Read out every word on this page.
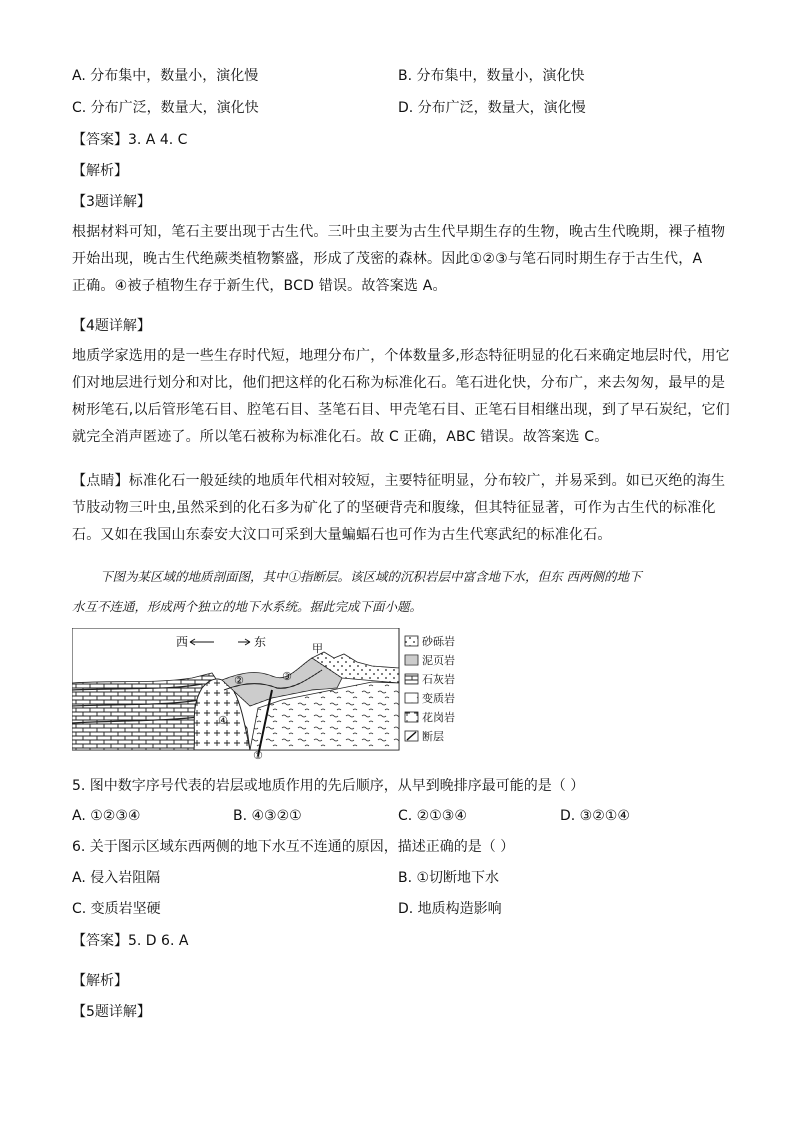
A. 分布集中，数量小，演化慢	B. 分布集中，数量小，演化快
C. 分布广泛，数量大，演化快	D. 分布广泛，数量大，演化慢
【答案】3. A 4. C
【解析】
【3题详解】
根据材料可知，笔石主要出现于古生代。三叶虫主要为古生代早期生存的生物，晚古生代晚期，裸子植物
开始出现，晚古生代绝蕨类植物繁盛，形成了茂密的森林。因此①②③与笔石同时期生存于古生代，A
正确。④被子植物生存于新生代，BCD 错误。故答案选 A。
【4题详解】
地质学家选用的是一些生存时代短，地理分布广，个体数量多,形态特征明显的化石来确定地层时代，用它
们对地层进行划分和对比，他们把这样的化石称为标准化石。笔石进化快，分布广，来去匆匆，最早的是
树形笔石,以后管形笔石目、腔笔石目、茎笔石目、甲壳笔石目、正笔石目相继出现，到了早石炭纪，它们
就完全消声匿迹了。所以笔石被称为标准化石。故 C 正确，ABC 错误。故答案选 C。
【点睛】标准化石一般延续的地质年代相对较短，主要特征明显，分布较广，并易采到。如已灭绝的海生
节肢动物三叶虫,虽然采到的化石多为矿化了的坚硬背壳和腹缘，但其特征显著，可作为古生代的标准化
石。又如在我国山东泰安大汶口可采到大量蝙蝠石也可作为古生代寒武纪的标准化石。
下图为某区域的地质剖面图，其中①指断层。该区域的沉积岩层中富含地下水，但东 西两侧的地下
水互不连通，形成两个独立的地下水系统。据此完成下面小题。
西	东
④
②	③
甲
①
砂砾岩
泥页岩
石灰岩
变质岩
花岗岩
断层
5. 图中数字序号代表的岩层或地质作用的先后顺序，从早到晚排序最可能的是（ ）
A. ①②③④	B. ④③②①	C. ②①③④	D. ③②①④
6. 关于图示区域东西两侧的地下水互不连通的原因，描述正确的是（ ）
A. 侵入岩阻隔	B. ①切断地下水
C. 变质岩坚硬	D. 地质构造影响
【答案】5. D 6. A
【解析】
【5题详解】
